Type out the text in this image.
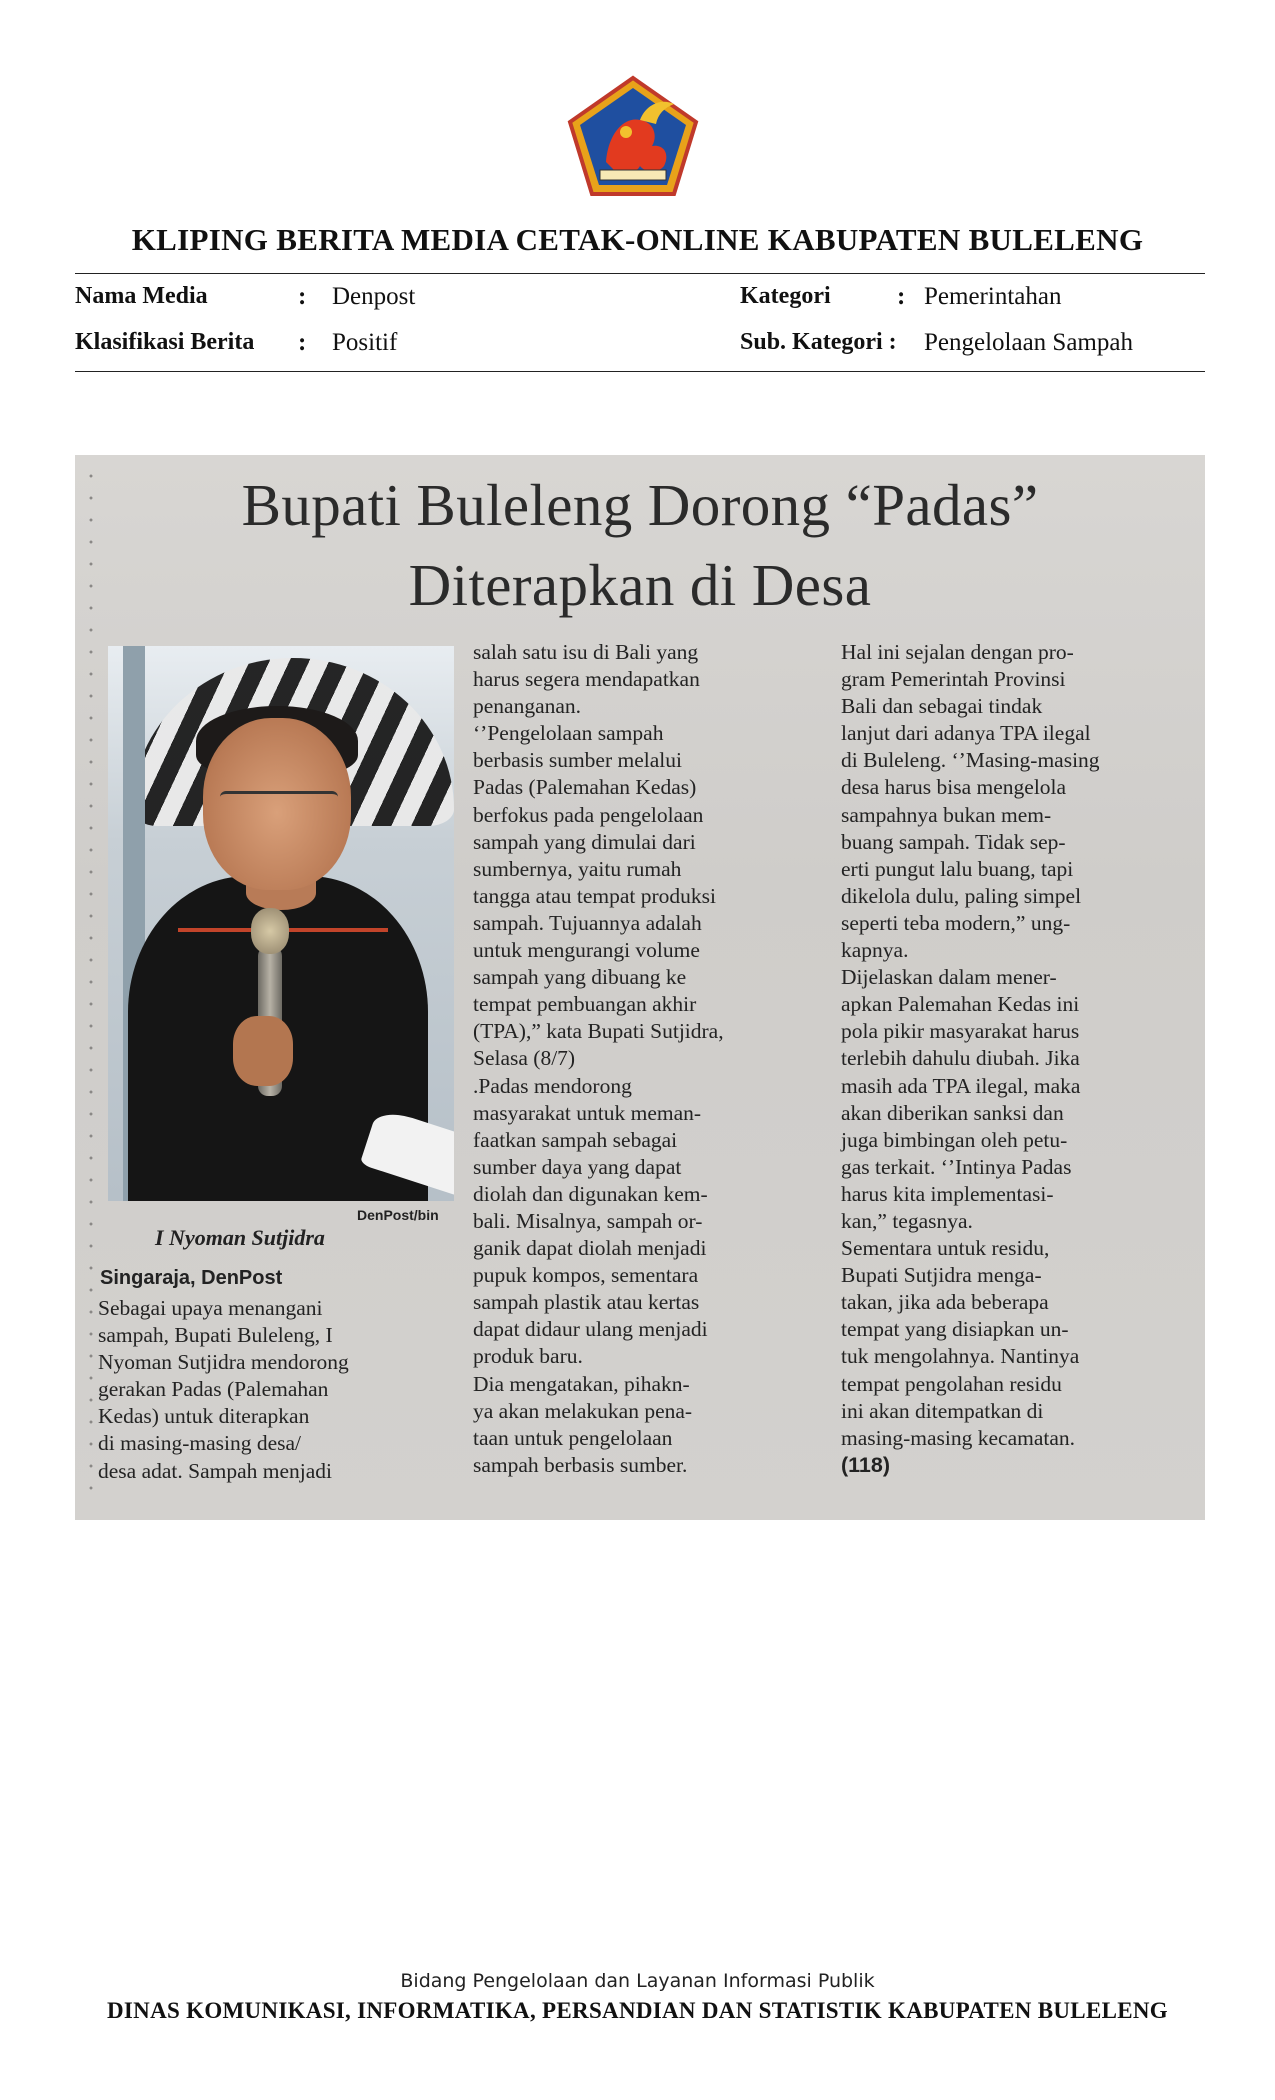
KLIPING BERITA MEDIA CETAK-ONLINE KABUPATEN BULELENG
Nama Media	: Denpost	Kategori	: Pemerintahan
Klasifikasi Berita : Positif	Sub. Kategori : Pengelolaan Sampah
Bupati Buleleng Dorong “Padas”
Diterapkan di Desa
DenPost/bin
I Nyoman Sutjidra
Singaraja, DenPost
Sebagai upaya menangani
sampah, Bupati Buleleng, I
Nyoman Sutjidra mendorong
gerakan Padas (Palemahan
Kedas) untuk diterapkan
di masing-masing desa/
desa adat. Sampah menjadi
salah satu isu di Bali yang
harus segera mendapatkan
penanganan.
‘’Pengelolaan sampah
berbasis sumber melalui
Padas (Palemahan Kedas)
berfokus pada pengelolaan
sampah yang dimulai dari
sumbernya, yaitu rumah
tangga atau tempat produksi
sampah. Tujuannya adalah
untuk mengurangi volume
sampah yang dibuang ke
tempat pembuangan akhir
(TPA),” kata Bupati Sutjidra,
Selasa (8/7)
.Padas mendorong
masyarakat untuk meman-
faatkan sampah sebagai
sumber daya yang dapat
diolah dan digunakan kem-
bali. Misalnya, sampah or-
ganik dapat diolah menjadi
pupuk kompos, sementara
sampah plastik atau kertas
dapat didaur ulang menjadi
produk baru.
Dia mengatakan, pihakn-
ya akan melakukan pena-
taan untuk pengelolaan
sampah berbasis sumber.
Hal ini sejalan dengan pro-
gram Pemerintah Provinsi
Bali dan sebagai tindak
lanjut dari adanya TPA ilegal
di Buleleng. ‘’Masing-masing
desa harus bisa mengelola
sampahnya bukan mem-
buang sampah. Tidak sep-
erti pungut lalu buang, tapi
dikelola dulu, paling simpel
seperti teba modern,” ung-
kapnya.
Dijelaskan dalam mener-
apkan Palemahan Kedas ini
pola pikir masyarakat harus
terlebih dahulu diubah. Jika
masih ada TPA ilegal, maka
akan diberikan sanksi dan
juga bimbingan oleh petu-
gas terkait. ‘’Intinya Padas
harus kita implementasi-
kan,” tegasnya.
Sementara untuk residu,
Bupati Sutjidra menga-
takan, jika ada beberapa
tempat yang disiapkan un-
tuk mengolahnya. Nantinya
tempat pengolahan residu
ini akan ditempatkan di
masing-masing kecamatan.
(118)
Bidang Pengelolaan dan Layanan Informasi Publik
DINAS KOMUNIKASI, INFORMATIKA, PERSANDIAN DAN STATISTIK KABUPATEN BULELENG
